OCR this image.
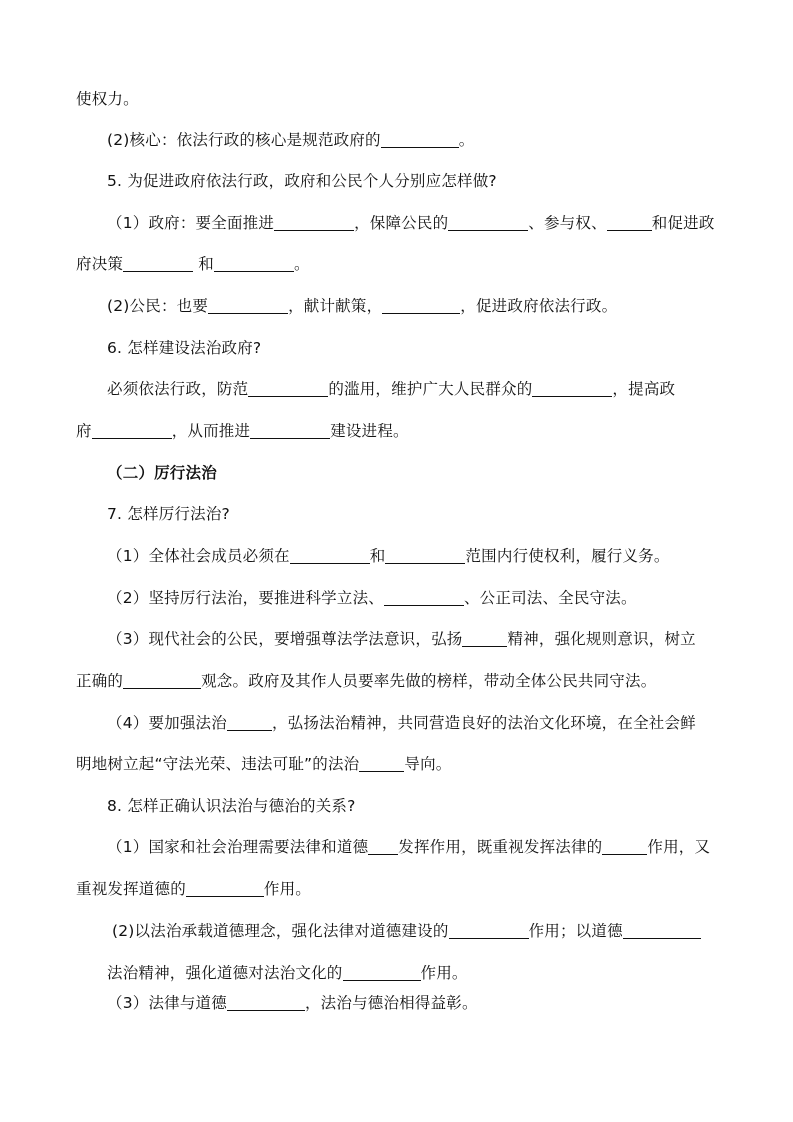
使权力。
(2)核心：依法行政的核心是规范政府的	。
5. 为促进政府依法行政，政府和公民个人分别应怎样做?
（1）政府：要全面推进	，保障公民的	、参与权、	和促进政
府决策	和	。
(2)公民：也要	，献计献策，	，促进政府依法行政。
6. 怎样建设法治政府?
必须依法行政，防范	的滥用，维护广大人民群众的	，提高政
府	，从而推进	建设进程。
（二）厉行法治
7. 怎样厉行法治?
（1）全体社会成员必须在	和	范围内行使权利，履行义务。
（2）坚持厉行法治，要推进科学立法、	、公正司法、全民守法。
（3）现代社会的公民，要增强尊法学法意识，弘扬	精神，强化规则意识，树立
正确的	观念。政府及其作人员要率先做的榜样，带动全体公民共同守法。
（4）要加强法治	，弘扬法治精神，共同营造良好的法治文化环境，在全社会鲜
明地树立起“守法光荣、违法可耻”的法治	导向。
8. 怎样正确认识法治与德治的关系?
（1）国家和社会治理需要法律和道德 发挥作用，既重视发挥法律的	作用，又
重视发挥道德的	作用。
(2)以法治承载道德理念，强化法律对道德建设的	作用；以道德
法治精神，强化道德对法治文化的	作用。
（3）法律与道德	，法治与德治相得益彰。
